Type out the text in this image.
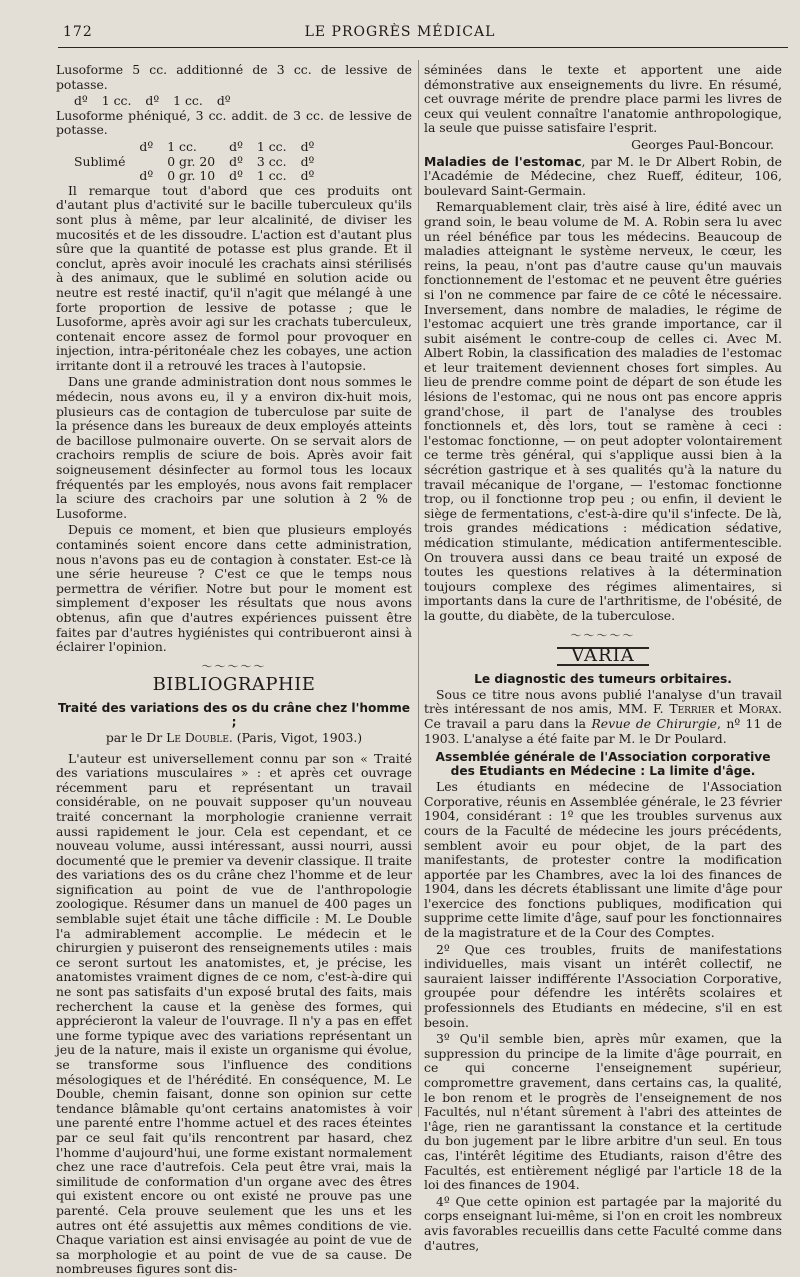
172	LE PROGRÈS MÉDICAL

Lusoforme 5 cc. additionné de 3 cc. de lessive de potasse.

dº	1 cc.	dº	1 cc.	dº

Lusoforme phéniqué, 3 cc. addit. de 3 cc. de lessive de potasse.

	dº	1 cc.	dº	1 cc.	dº
Sublimé		0 gr. 20	dº	3 cc.	dº
	dº	0 gr. 10	dº	1 cc.	dº

Il remarque tout d'abord que ces produits ont d'autant plus d'activité sur le bacille tuberculeux qu'ils sont plus à même, par leur alcalinité, de diviser les mucosités et de les dissoudre. L'action est d'autant plus sûre que la quantité de potasse est plus grande. Et il conclut, après avoir inoculé les crachats ainsi stérilisés à des animaux, que le sublimé en solution acide ou neutre est resté inactif, qu'il n'agit que mélangé à une forte proportion de lessive de potasse ; que le Lusoforme, après avoir agi sur les crachats tuberculeux, contenait encore assez de formol pour provoquer en injection, intra-péritonéale chez les cobayes, une action irritante dont il a retrouvé les traces à l'autopsie.

Dans une grande administration dont nous sommes le médecin, nous avons eu, il y a environ dix-huit mois, plusieurs cas de contagion de tuberculose par suite de la présence dans les bureaux de deux employés atteints de bacillose pulmonaire ouverte. On se servait alors de crachoirs remplis de sciure de bois. Après avoir fait soigneusement désinfecter au formol tous les locaux fréquentés par les employés, nous avons fait remplacer la sciure des crachoirs par une solution à 2 % de Lusoforme.

Depuis ce moment, et bien que plusieurs employés contaminés soient encore dans cette administration, nous n'avons pas eu de contagion à constater. Est-ce là une série heureuse ? C'est ce que le temps nous permettra de vérifier. Notre but pour le moment est simplement d'exposer les résultats que nous avons obtenus, afin que d'autres expériences puissent être faites par d'autres hygiénistes qui contribueront ainsi à éclairer l'opinion.

〜〜〜〜〜
BIBLIOGRAPHIE
Traité des variations des os du crâne chez l'homme ;
par le Dr Le Double. (Paris, Vigot, 1903.)

L'auteur est universellement connu par son « Traité des variations musculaires » : et après cet ouvrage récemment paru et représentant un travail considérable, on ne pouvait supposer qu'un nouveau traité concernant la morphologie cranienne verrait aussi rapidement le jour. Cela est cependant, et ce nouveau volume, aussi intéressant, aussi nourri, aussi documenté que le premier va devenir classique. Il traite des variations des os du crâne chez l'homme et de leur signification au point de vue de l'anthropologie zoologique. Résumer dans un manuel de 400 pages un semblable sujet était une tâche difficile : M. Le Double l'a admirablement accomplie. Le médecin et le chirurgien y puiseront des renseignements utiles : mais ce seront surtout les anatomistes, et, je précise, les anatomistes vraiment dignes de ce nom, c'est-à-dire qui ne sont pas satisfaits d'un exposé brutal des faits, mais recherchent la cause et la genèse des formes, qui apprécieront la valeur de l'ouvrage. Il n'y a pas en effet une forme typique avec des variations représentant un jeu de la nature, mais il existe un organisme qui évolue, se transforme sous l'influence des conditions mésologiques et de l'hérédité. En conséquence, M. Le Double, chemin faisant, donne son opinion sur cette tendance blâmable qu'ont certains anatomistes à voir une parenté entre l'homme actuel et des races éteintes par ce seul fait qu'ils rencontrent par hasard, chez l'homme d'aujourd'hui, une forme existant normalement chez une race d'autrefois. Cela peut être vrai, mais la similitude de conformation d'un organe avec des êtres qui existent encore ou ont existé ne prouve pas une parenté. Cela prouve seulement que les uns et les autres ont été assujettis aux mêmes conditions de vie. Chaque variation est ainsi envisagée au point de vue de sa morphologie et au point de vue de sa cause. De nombreuses figures sont dis-

séminées dans le texte et apportent une aide démonstrative aux enseignements du livre. En résumé, cet ouvrage mérite de prendre place parmi les livres de ceux qui veulent connaître l'anatomie anthropologique, la seule que puisse satisfaire l'esprit.

Georges Paul-Boncour.

Maladies de l'estomac, par M. le Dr Albert Robin, de l'Académie de Médecine, chez Rueff, éditeur, 106, boulevard Saint-Germain.

Remarquablement clair, très aisé à lire, édité avec un grand soin, le beau volume de M. A. Robin sera lu avec un réel bénéfice par tous les médecins. Beaucoup de maladies atteignant le système nerveux, le cœur, les reins, la peau, n'ont pas d'autre cause qu'un mauvais fonctionnement de l'estomac et ne peuvent être guéries si l'on ne commence par faire de ce côté le nécessaire. Inversement, dans nombre de maladies, le régime de l'estomac acquiert une très grande importance, car il subit aisément le contre-coup de celles ci. Avec M. Albert Robin, la classification des maladies de l'estomac et leur traitement deviennent choses fort simples. Au lieu de prendre comme point de départ de son étude les lésions de l'estomac, qui ne nous ont pas encore appris grand'chose, il part de l'analyse des troubles fonctionnels et, dès lors, tout se ramène à ceci : l'estomac fonctionne, — on peut adopter volontairement ce terme très général, qui s'applique aussi bien à la sécrétion gastrique et à ses qualités qu'à la nature du travail mécanique de l'organe, — l'estomac fonctionne trop, ou il fonctionne trop peu ; ou enfin, il devient le siège de fermentations, c'est-à-dire qu'il s'infecte. De là, trois grandes médications : médication sédative, médication stimulante, médication antifermentescible. On trouvera aussi dans ce beau traité un exposé de toutes les questions relatives à la détermination toujours complexe des régimes alimentaires, si importants dans la cure de l'arthritisme, de l'obésité, de la goutte, du diabète, de la tuberculose.

〜〜〜〜〜
VARIA
Le diagnostic des tumeurs orbitaires.

Sous ce titre nous avons publié l'analyse d'un travail très intéressant de nos amis, MM. F. Terrier et Morax. Ce travail a paru dans la Revue de Chirurgie, nº 11 de 1903. L'analyse a été faite par M. le Dr Poulard.

Assemblée générale de l'Association corporative des Etudiants en Médecine : La limite d'âge.

Les étudiants en médecine de l'Association Corporative, réunis en Assemblée générale, le 23 février 1904, considérant : 1º que les troubles survenus aux cours de la Faculté de médecine les jours précédents, semblent avoir eu pour objet, de la part des manifestants, de protester contre la modification apportée par les Chambres, avec la loi des finances de 1904, dans les décrets établissant une limite d'âge pour l'exercice des fonctions publiques, modification qui supprime cette limite d'âge, sauf pour les fonctionnaires de la magistrature et de la Cour des Comptes.

2º Que ces troubles, fruits de manifestations individuelles, mais visant un intérêt collectif, ne sauraient laisser indifférente l'Association Corporative, groupée pour défendre les intérêts scolaires et professionnels des Etudiants en médecine, s'il en est besoin.

3º Qu'il semble bien, après mûr examen, que la suppression du principe de la limite d'âge pourrait, en ce qui concerne l'enseignement supérieur, compromettre gravement, dans certains cas, la qualité, le bon renom et le progrès de l'enseignement de nos Facultés, nul n'étant sûrement à l'abri des atteintes de l'âge, rien ne garantissant la constance et la certitude du bon jugement par le libre arbitre d'un seul. En tous cas, l'intérêt légitime des Etudiants, raison d'être des Facultés, est entièrement négligé par l'article 18 de la loi des finances de 1904.

4º Que cette opinion est partagée par la majorité du corps enseignant lui-même, si l'on en croit les nombreux avis favorables recueillis dans cette Faculté comme dans d'autres,
